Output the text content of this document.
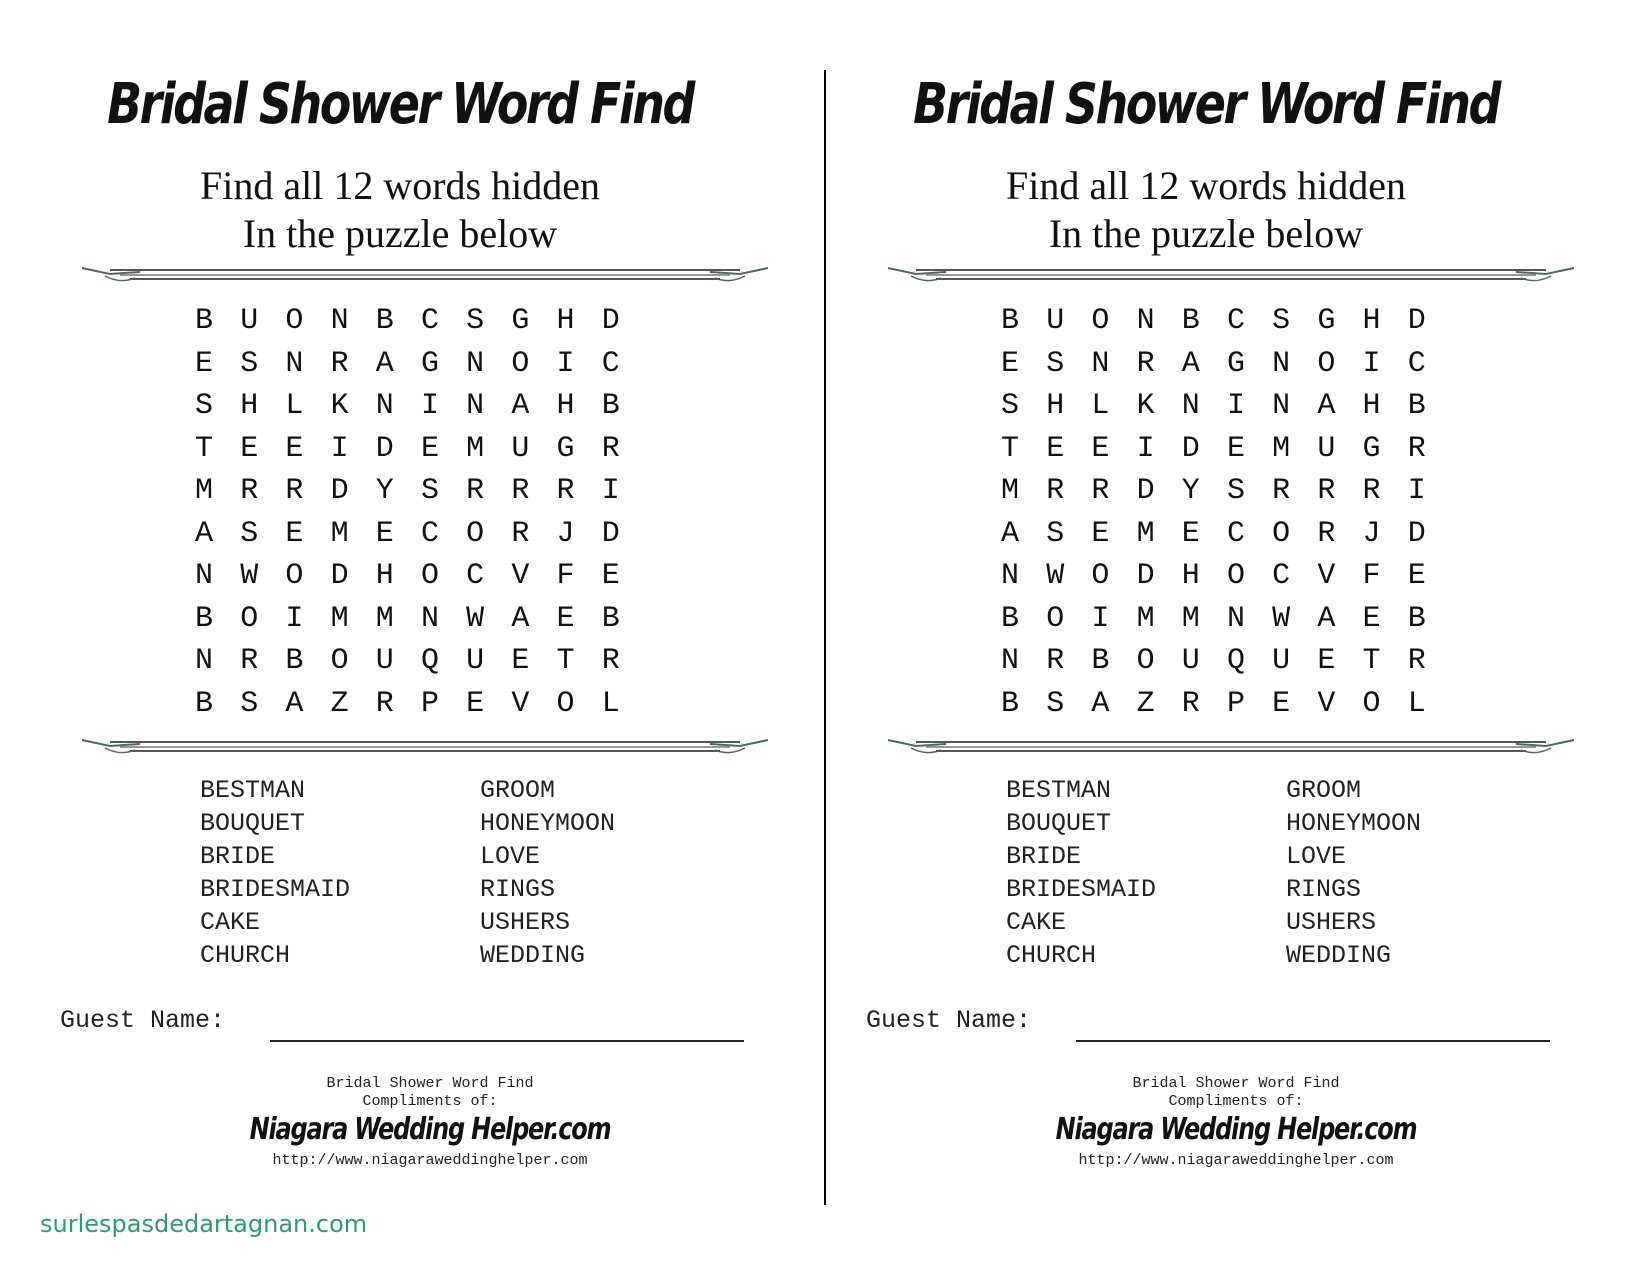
Bridal Shower Word Find
Find all 12 words hidden
In the puzzle below
B U O N B C S G H D
E S N R A G N O I C
S H L K N I N A H B
T E E I D E M U G R
M R R D Y S R R R I
A S E M E C O R J D
N W O D H O C V F E
B O I M M N W A E B
N R B O U Q U E T R
B S A Z R P E V O L
BESTMAN
BOUQUET
BRIDE
BRIDESMAID
CAKE
CHURCH
GROOM
HONEYMOON
LOVE
RINGS
USHERS
WEDDING
Guest Name:
Bridal Shower Word Find
Compliments of:
Niagara Wedding Helper.com
http://www.niagaraweddinghelper.com
Bridal Shower Word Find
Find all 12 words hidden
In the puzzle below
B U O N B C S G H D
E S N R A G N O I C
S H L K N I N A H B
T E E I D E M U G R
M R R D Y S R R R I
A S E M E C O R J D
N W O D H O C V F E
B O I M M N W A E B
N R B O U Q U E T R
B S A Z R P E V O L
BESTMAN
BOUQUET
BRIDE
BRIDESMAID
CAKE
CHURCH
GROOM
HONEYMOON
LOVE
RINGS
USHERS
WEDDING
Guest Name:
Bridal Shower Word Find
Compliments of:
Niagara Wedding Helper.com
http://www.niagaraweddinghelper.com
surlespasdedartagnan.com
